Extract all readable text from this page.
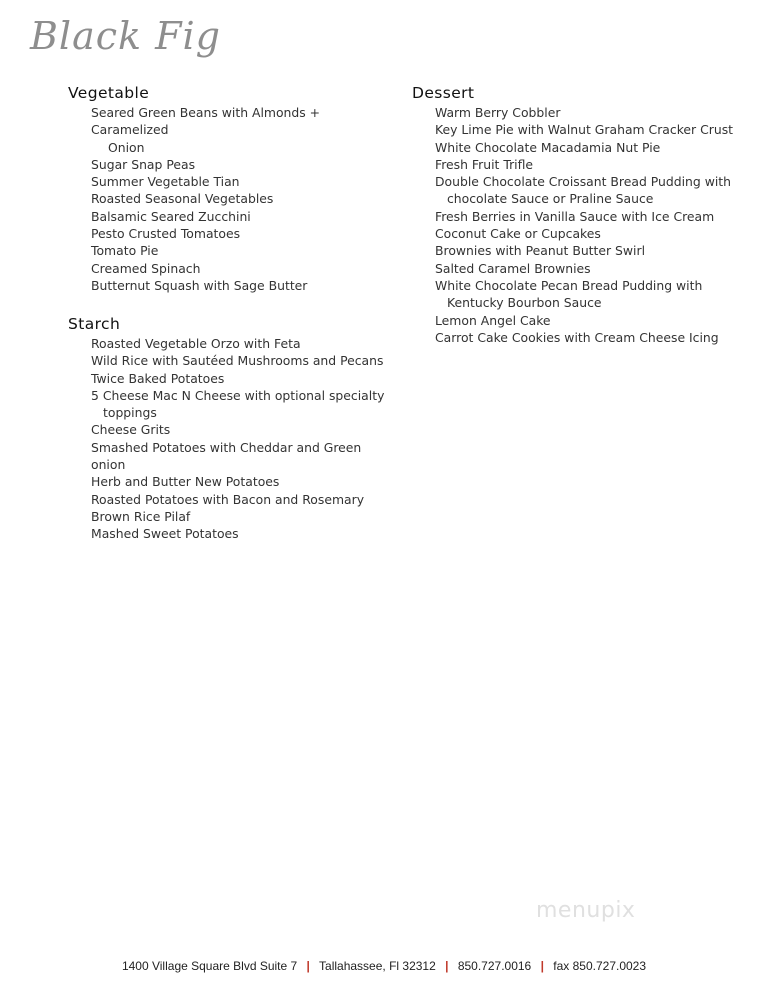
Black Fig
Vegetable
Seared Green Beans with Almonds + Caramelized
Onion
Sugar Snap Peas
Summer Vegetable Tian
Roasted Seasonal Vegetables
Balsamic Seared Zucchini
Pesto Crusted Tomatoes
Tomato Pie
Creamed Spinach
Butternut Squash with Sage Butter
Starch
Roasted Vegetable Orzo with Feta
Wild Rice with Sautéed Mushrooms and Pecans
Twice Baked Potatoes
5 Cheese Mac N Cheese with optional specialty
toppings
Cheese Grits
Smashed Potatoes with Cheddar and Green onion
Herb and Butter New Potatoes
Roasted Potatoes with Bacon and Rosemary
Brown Rice Pilaf
Mashed Sweet Potatoes
Dessert
Warm Berry Cobbler
Key Lime Pie with Walnut Graham Cracker Crust
White Chocolate Macadamia Nut Pie
Fresh Fruit Trifle
Double Chocolate Croissant Bread Pudding with
chocolate Sauce or Praline Sauce
Fresh Berries in Vanilla Sauce with Ice Cream
Coconut Cake or Cupcakes
Brownies with Peanut Butter Swirl
Salted Caramel Brownies
White Chocolate Pecan Bread Pudding with
Kentucky Bourbon Sauce
Lemon Angel Cake
Carrot Cake Cookies with Cream Cheese Icing
menupix
1400 Village Square Blvd Suite 7 | Tallahassee, Fl 32312 | 850.727.0016 | fax 850.727.0023
